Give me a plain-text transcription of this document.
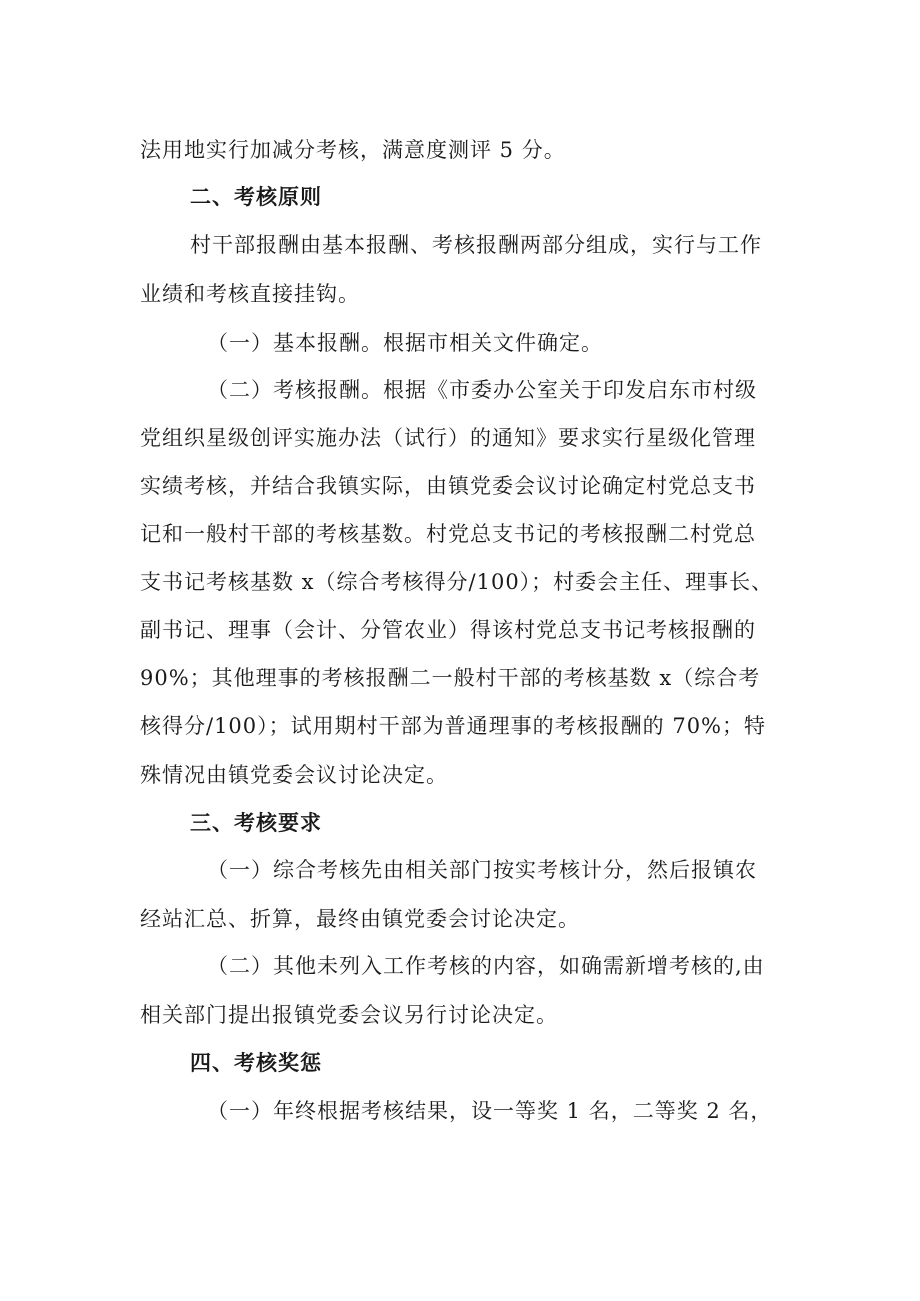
法用地实行加减分考核，满意度测评 5 分。
二、考核原则
村干部报酬由基本报酬、考核报酬两部分组成，实行与工作
业绩和考核直接挂钩。
（一）基本报酬。根据市相关文件确定。
（二）考核报酬。根据《市委办公室关于印发启东市村级
党组织星级创评实施办法（试行）的通知》要求实行星级化管理
实绩考核，并结合我镇实际，由镇党委会议讨论确定村党总支书
记和一般村干部的考核基数。村党总支书记的考核报酬二村党总
支书记考核基数 x（综合考核得分/100）；村委会主任、理事长、
副书记、理事（会计、分管农业）得该村党总支书记考核报酬的
90%；其他理事的考核报酬二一般村干部的考核基数 x（综合考
核得分/100）；试用期村干部为普通理事的考核报酬的 70%；特
殊情况由镇党委会议讨论决定。
三、考核要求
（一）综合考核先由相关部门按实考核计分，然后报镇农
经站汇总、折算，最终由镇党委会讨论决定。
（二）其他未列入工作考核的内容，如确需新增考核的,由
相关部门提出报镇党委会议另行讨论决定。
四、考核奖惩
（一）年终根据考核结果，设一等奖 1 名，二等奖 2 名，
